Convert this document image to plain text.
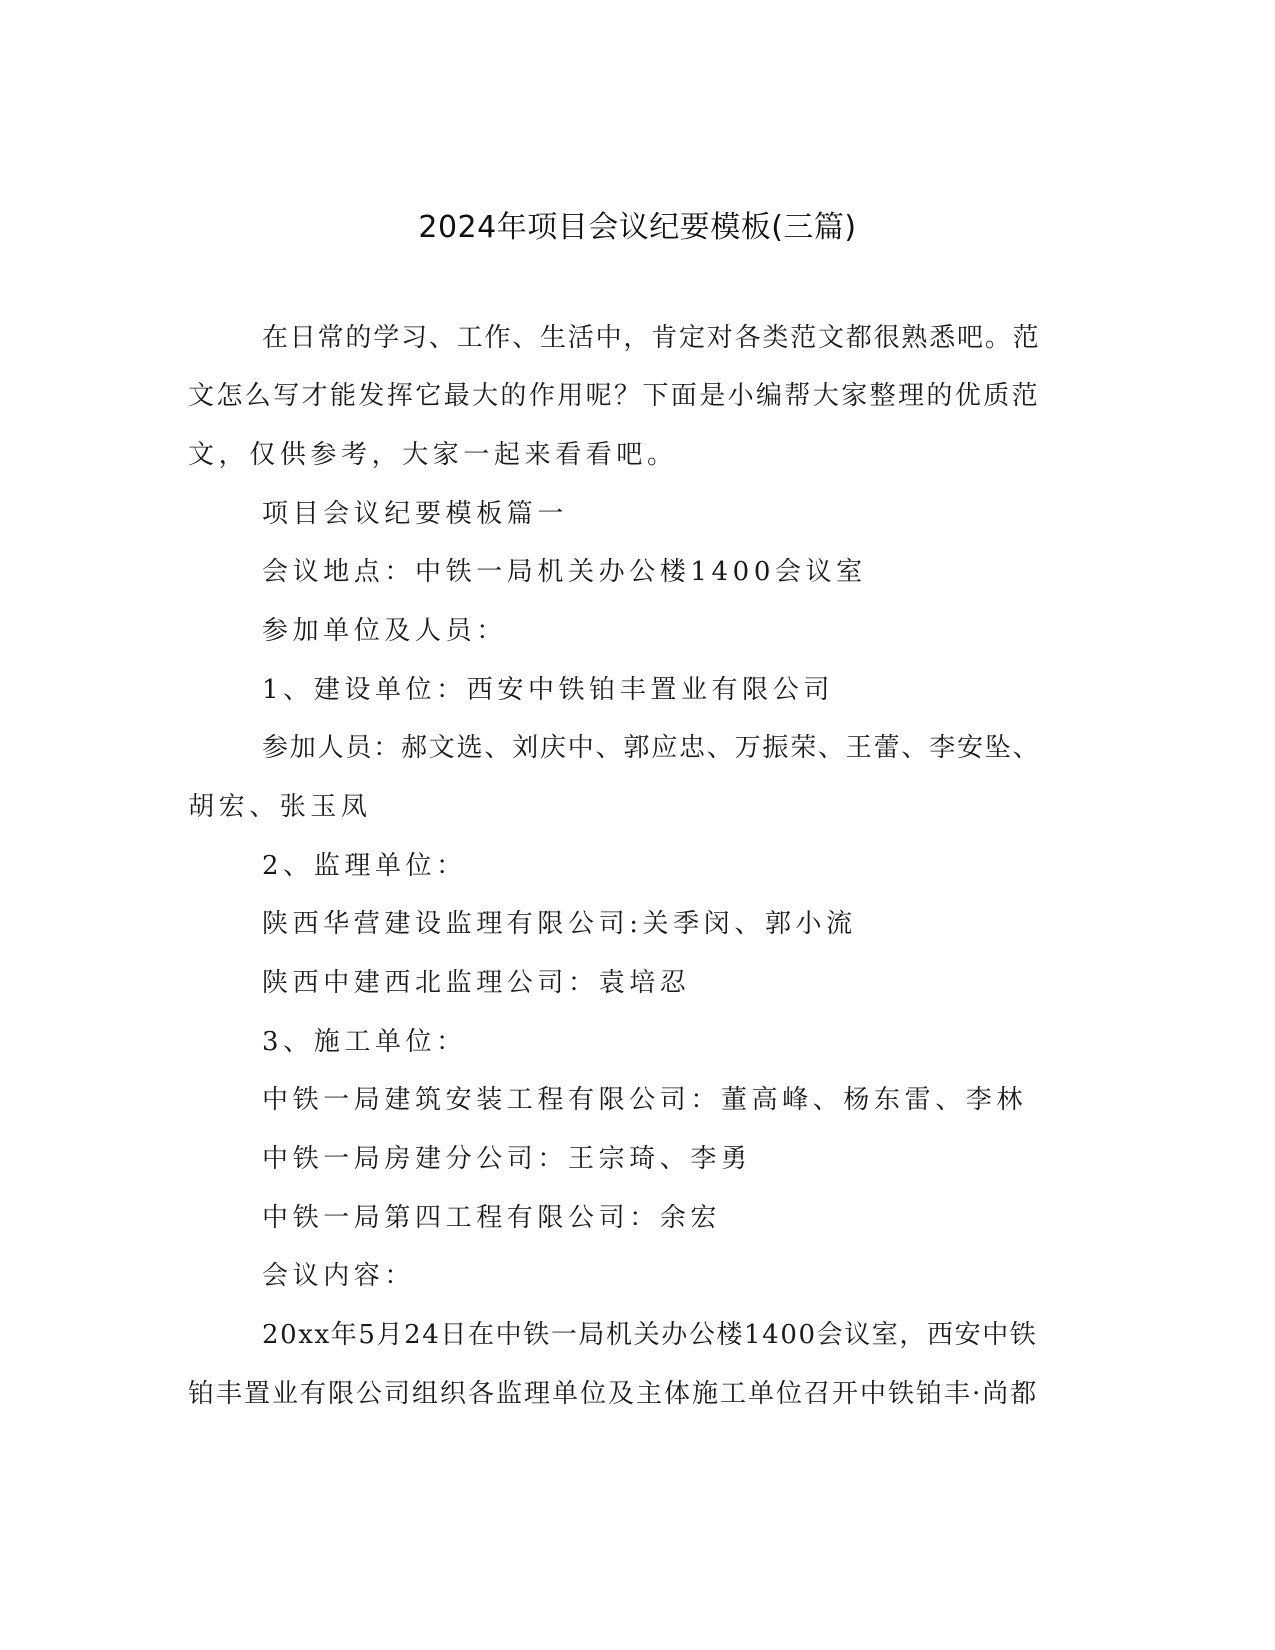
2024年项目会议纪要模板(三篇)
在日常的学习、工作、生活中，肯定对各类范文都很熟悉吧。范
文怎么写才能发挥它最大的作用呢？下面是小编帮大家整理的优质范
文，仅供参考，大家一起来看看吧。
项目会议纪要模板篇一
会议地点：中铁一局机关办公楼1400会议室
参加单位及人员：
1、建设单位：西安中铁铂丰置业有限公司
参加人员：郝文选、刘庆中、郭应忠、万振荣、王蕾、李安坠、
胡宏、张玉凤
2、监理单位：
陕西华营建设监理有限公司:关季闵、郭小流
陕西中建西北监理公司：袁培忍
3、施工单位：
中铁一局建筑安装工程有限公司：董高峰、杨东雷、李林
中铁一局房建分公司：王宗琦、李勇
中铁一局第四工程有限公司：余宏
会议内容：
20xx年5月24日在中铁一局机关办公楼1400会议室，西安中铁
铂丰置业有限公司组织各监理单位及主体施工单位召开中铁铂丰·尚都
